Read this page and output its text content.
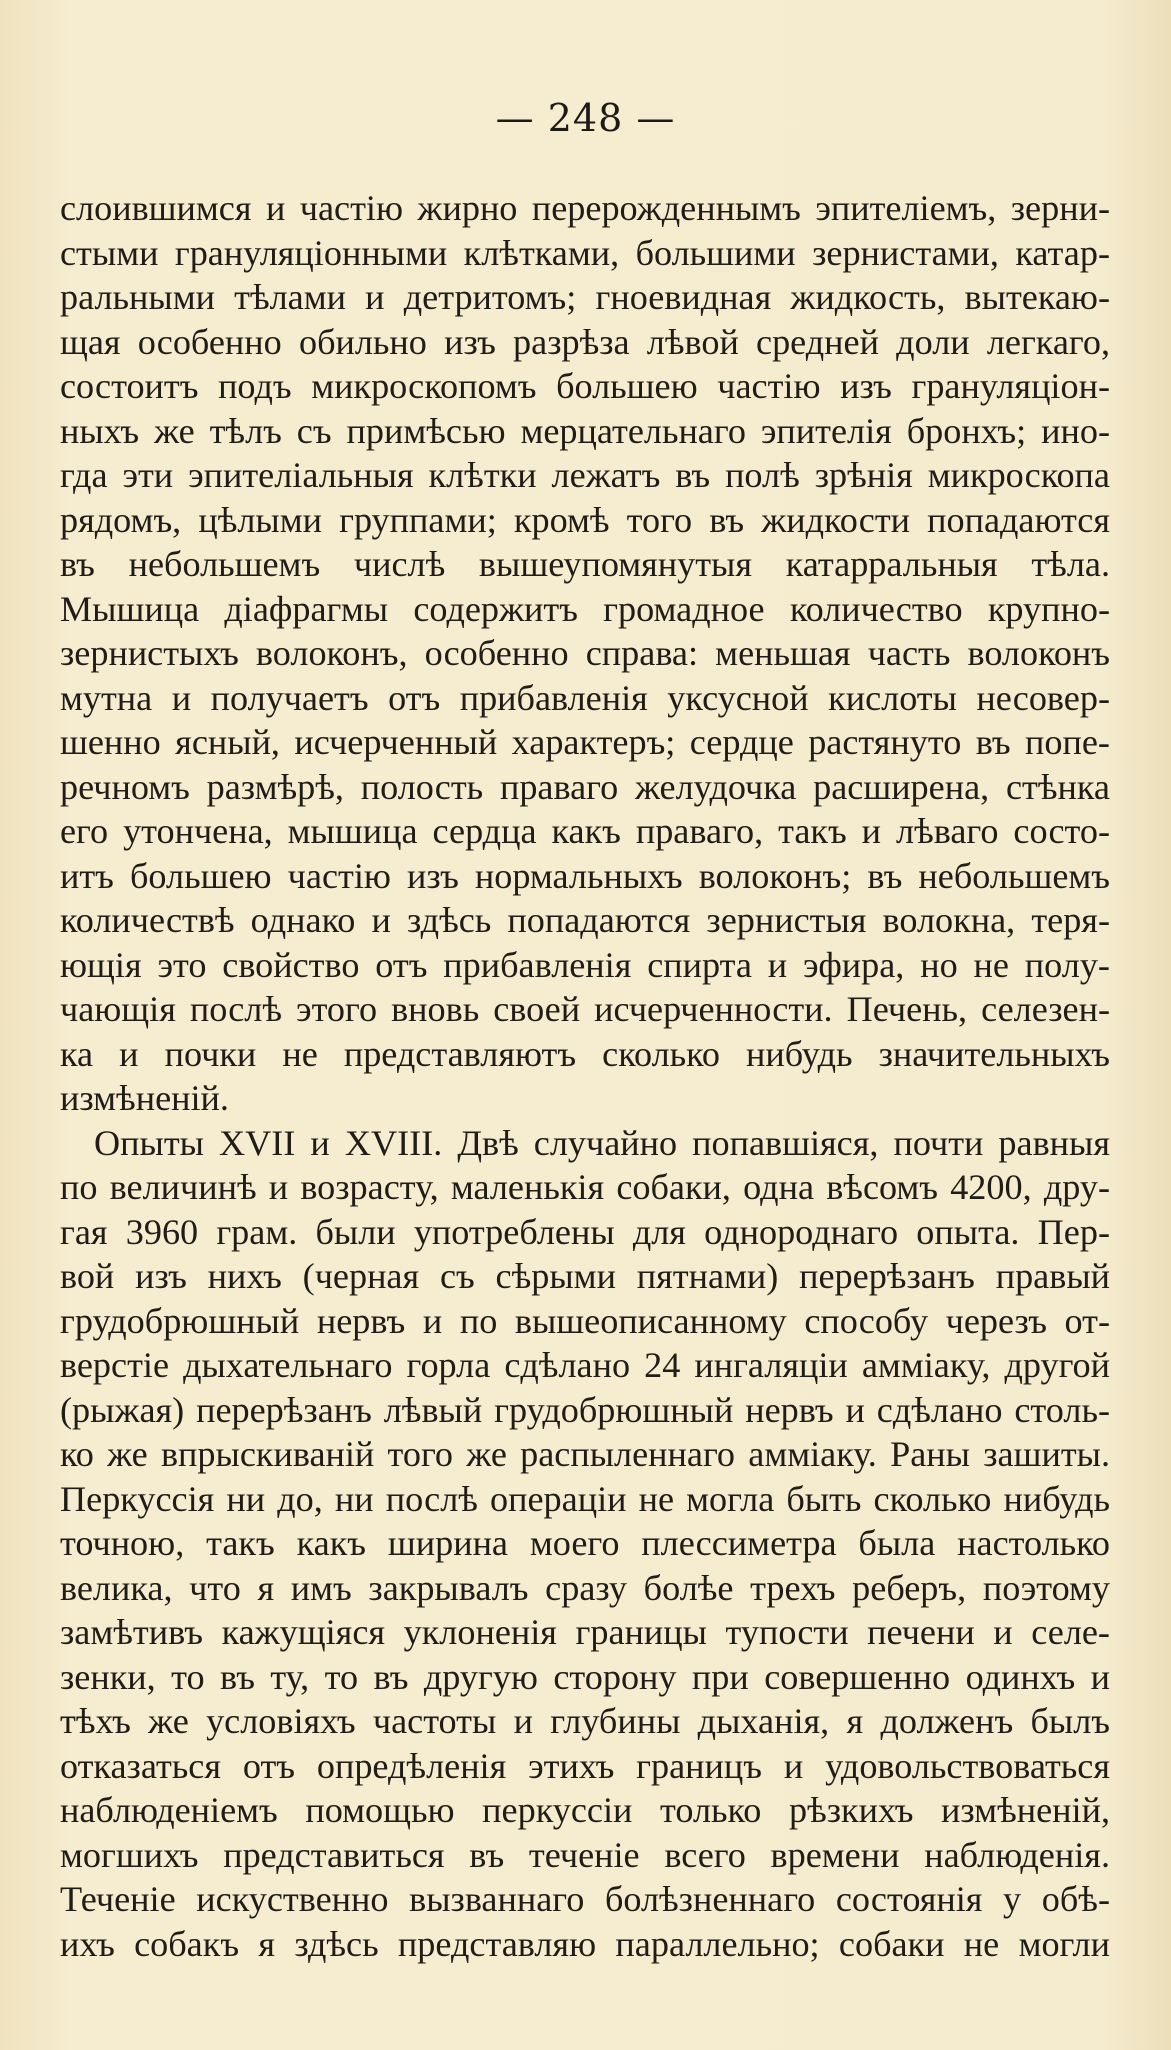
— 248 —
слоившимся и частію жирно перерожденнымъ эпителіемъ, зерни-
стыми грануляціонными клѣтками, большими зернистами, катар-
ральными тѣлами и детритомъ; гноевидная жидкость, вытекаю-
щая особенно обильно изъ разрѣза лѣвой средней доли легкаго,
состоитъ подъ микроскопомъ большею частію изъ грануляціон-
ныхъ же тѣлъ съ примѣсью мерцательнаго эпителія бронхъ; ино-
гда эти эпителіальныя клѣтки лежатъ въ полѣ зрѣнія микроскопа
рядомъ, цѣлыми группами; кромѣ того въ жидкости попадаются
въ небольшемъ числѣ вышеупомянутыя катарральныя тѣла.
Мышица діафрагмы содержитъ громадное количество крупно-
зернистыхъ волоконъ, особенно справа: меньшая часть волоконъ
мутна и получаетъ отъ прибавленія уксусной кислоты несовер-
шенно ясный, исчерченный характеръ; сердце растянуто въ попе-
речномъ размѣрѣ, полость праваго желудочка расширена, стѣнка
его утончена, мышица сердца какъ праваго, такъ и лѣваго состо-
итъ большею частію изъ нормальныхъ волоконъ; въ небольшемъ
количествѣ однако и здѣсь попадаются зернистыя волокна, теря-
ющія это свойство отъ прибавленія спирта и эфира, но не полу-
чающія послѣ этого вновь своей исчерченности. Печень, селезен-
ка и почки не представляютъ сколько нибудь значительныхъ
измѣненій.
Опыты XVII и XVIII. Двѣ случайно попавшіяся, почти равныя
по величинѣ и возрасту, маленькія собаки, одна вѣсомъ 4200, дру-
гая 3960 грам. были употреблены для однороднаго опыта. Пер-
вой изъ нихъ (черная съ сѣрыми пятнами) перерѣзанъ правый
грудобрюшный нервъ и по вышеописанному способу черезъ от-
верстіе дыхательнаго горла сдѣлано 24 ингаляціи амміаку, другой
(рыжая) перерѣзанъ лѣвый грудобрюшный нервъ и сдѣлано столь-
ко же впрыскиваній того же распыленнаго амміаку. Раны зашиты.
Перкуссія ни до, ни послѣ операціи не могла быть сколько нибудь
точною, такъ какъ ширина моего плессиметра была настолько
велика, что я имъ закрывалъ сразу болѣе трехъ реберъ, поэтому
замѣтивъ кажущіяся уклоненія границы тупости печени и селе-
зенки, то въ ту, то въ другую сторону при совершенно одинхъ и
тѣхъ же условіяхъ частоты и глубины дыханія, я долженъ былъ
отказаться отъ опредѣленія этихъ границъ и удовольствоваться
наблюденіемъ помощью перкуссіи только рѣзкихъ измѣненій,
могшихъ представиться въ теченіе всего времени наблюденія.
Теченіе искуственно вызваннаго болѣзненнаго состоянія у обѣ-
ихъ собакъ я здѣсь представляю параллельно; собаки не могли
